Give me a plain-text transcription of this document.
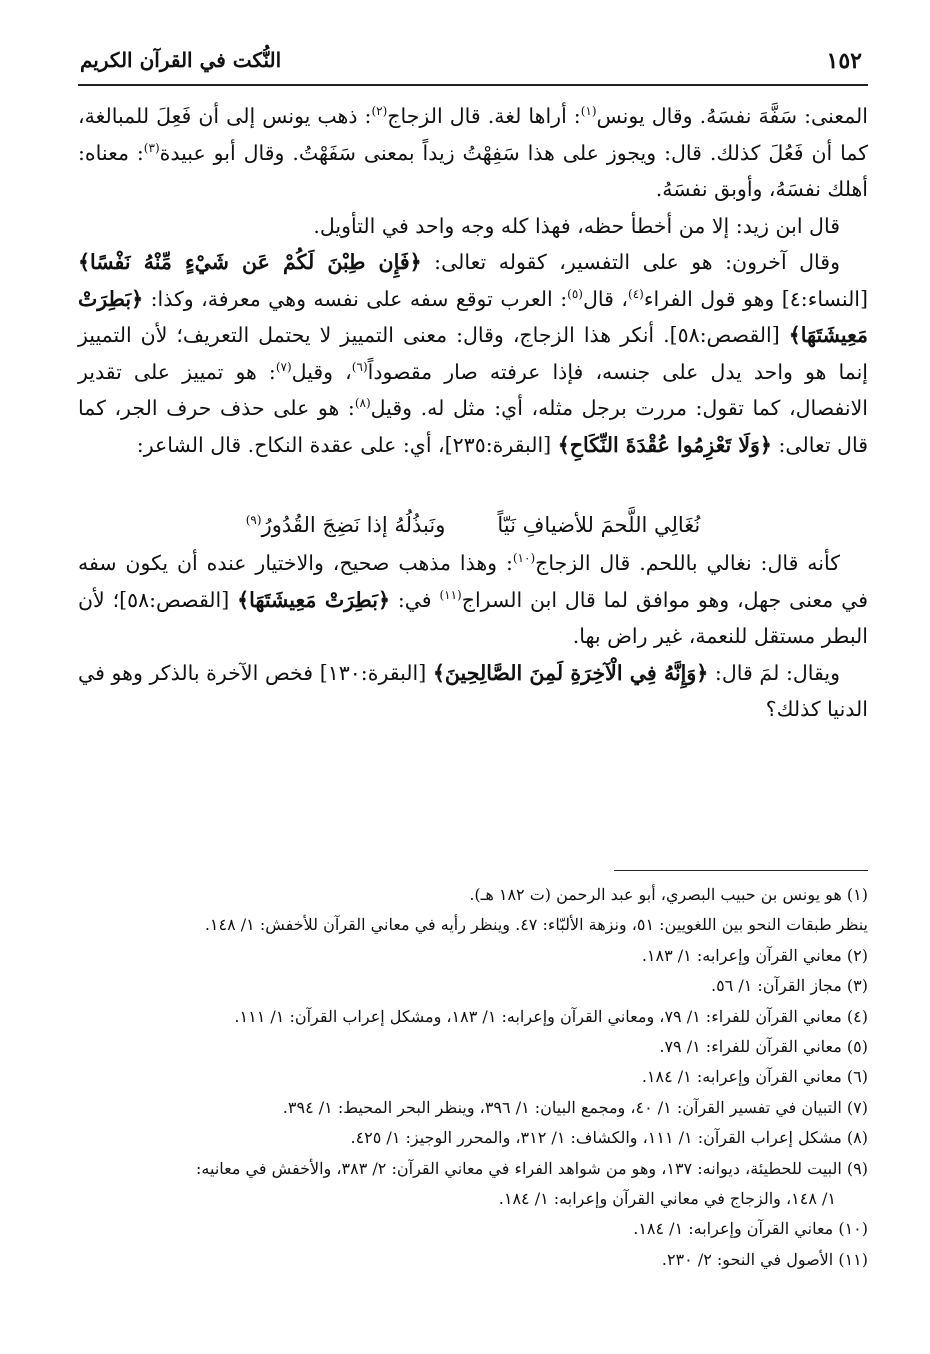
١٥٢
النُّكت في القرآن الكريم

المعنى: سَفَّهَ نفسَهُ. وقال يونس$^{(١)}$: أراها لغة. قال الزجاج$^{(٢)}$: ذهب يونس إلى أن فَعِلَ للمبالغة، كما أن فَعُلَ كذلك. قال: ويجوز على هذا سَفِهْتُ زيداً بمعنى سَفَهْتُ. وقال أبو عبيدة$^{(٣)}$: معناه: أهلك نفسَهُ، وأوبق نفسَهُ.

قال ابن زيد: إلا من أخطأ حظه، فهذا كله وجه واحد في التأويل.

وقال آخرون: هو على التفسير، كقوله تعالى: ﴿فَإِن طِبْنَ لَكُمْ عَن شَيْءٍ مِّنْهُ نَفْسًا﴾ [النساء:٤] وهو قول الفراء$^{(٤)}$، قال$^{(٥)}$: العرب توقع سفه على نفسه وهي معرفة، وكذا: ﴿بَطِرَتْ مَعِيشَتَهَا﴾ [القصص:٥٨]. أنكر هذا الزجاج، وقال: معنى التمييز لا يحتمل التعريف؛ لأن التمييز إنما هو واحد يدل على جنسه، فإذا عرفته صار مقصوداً$^{(٦)}$، وقيل$^{(٧)}$: هو تمييز على تقدير الانفصال، كما تقول: مررت برجل مثله، أي: مثل له. وقيل$^{(٨)}$: هو على حذف حرف الجر، كما قال تعالى: ﴿وَلَا تَعْزِمُوا عُقْدَةَ النِّكَاحِ﴾ [البقرة:٢٣٥]، أي: على عقدة النكاح. قال الشاعر:

نُغَالِي اللَّحمَ للأضيافِ نَيّاً
ونَبذُلُهُ إذا نَضِجَ القُدُورُ$^{(٩)}$

كأنه قال: نغالي باللحم. قال الزجاج$^{(١٠)}$: وهذا مذهب صحيح، والاختيار عنده أن يكون سفه في معنى جهل، وهو موافق لما قال ابن السراج$^{(١١)}$ في: ﴿بَطِرَتْ مَعِيشَتَهَا﴾ [القصص:٥٨]؛ لأن البطر مستقل للنعمة، غير راض بها.

ويقال: لمَ قال: ﴿وَإِنَّهُ فِي الْآخِرَةِ لَمِنَ الصَّالِحِينَ﴾ [البقرة:١٣٠] فخص الآخرة بالذكر وهو في الدنيا كذلك؟

(١) هو يونس بن حبيب البصري، أبو عبد الرحمن (ت ١٨٢ هـ).
ينظر طبقات النحو بين اللغويين: ٥١، ونزهة الألبّاء: ٤٧. وينظر رأيه في معاني القرآن للأخفش: ١/ ١٤٨.
(٢) معاني القرآن وإعرابه: ١/ ١٨٣.
(٣) مجاز القرآن: ١/ ٥٦.
(٤) معاني القرآن للفراء: ١/ ٧٩، ومعاني القرآن وإعرابه: ١/ ١٨٣، ومشكل إعراب القرآن: ١/ ١١١.
(٥) معاني القرآن للفراء: ١/ ٧٩.
(٦) معاني القرآن وإعرابه: ١/ ١٨٤.
(٧) التبيان في تفسير القرآن: ١/ ٤٠، ومجمع البيان: ١/ ٣٩٦، وينظر البحر المحيط: ١/ ٣٩٤.
(٨) مشكل إعراب القرآن: ١/ ١١١، والكشاف: ١/ ٣١٢، والمحرر الوجيز: ١/ ٤٢٥.
(٩) البيت للحطيئة، ديوانه: ١٣٧، وهو من شواهد الفراء في معاني القرآن: ٢/ ٣٨٣، والأخفش في معانيه:
١/ ١٤٨، والزجاج في معاني القرآن وإعرابه: ١/ ١٨٤.
(١٠) معاني القرآن وإعرابه: ١/ ١٨٤.
(١١) الأصول في النحو: ٢/ ٢٣٠.
